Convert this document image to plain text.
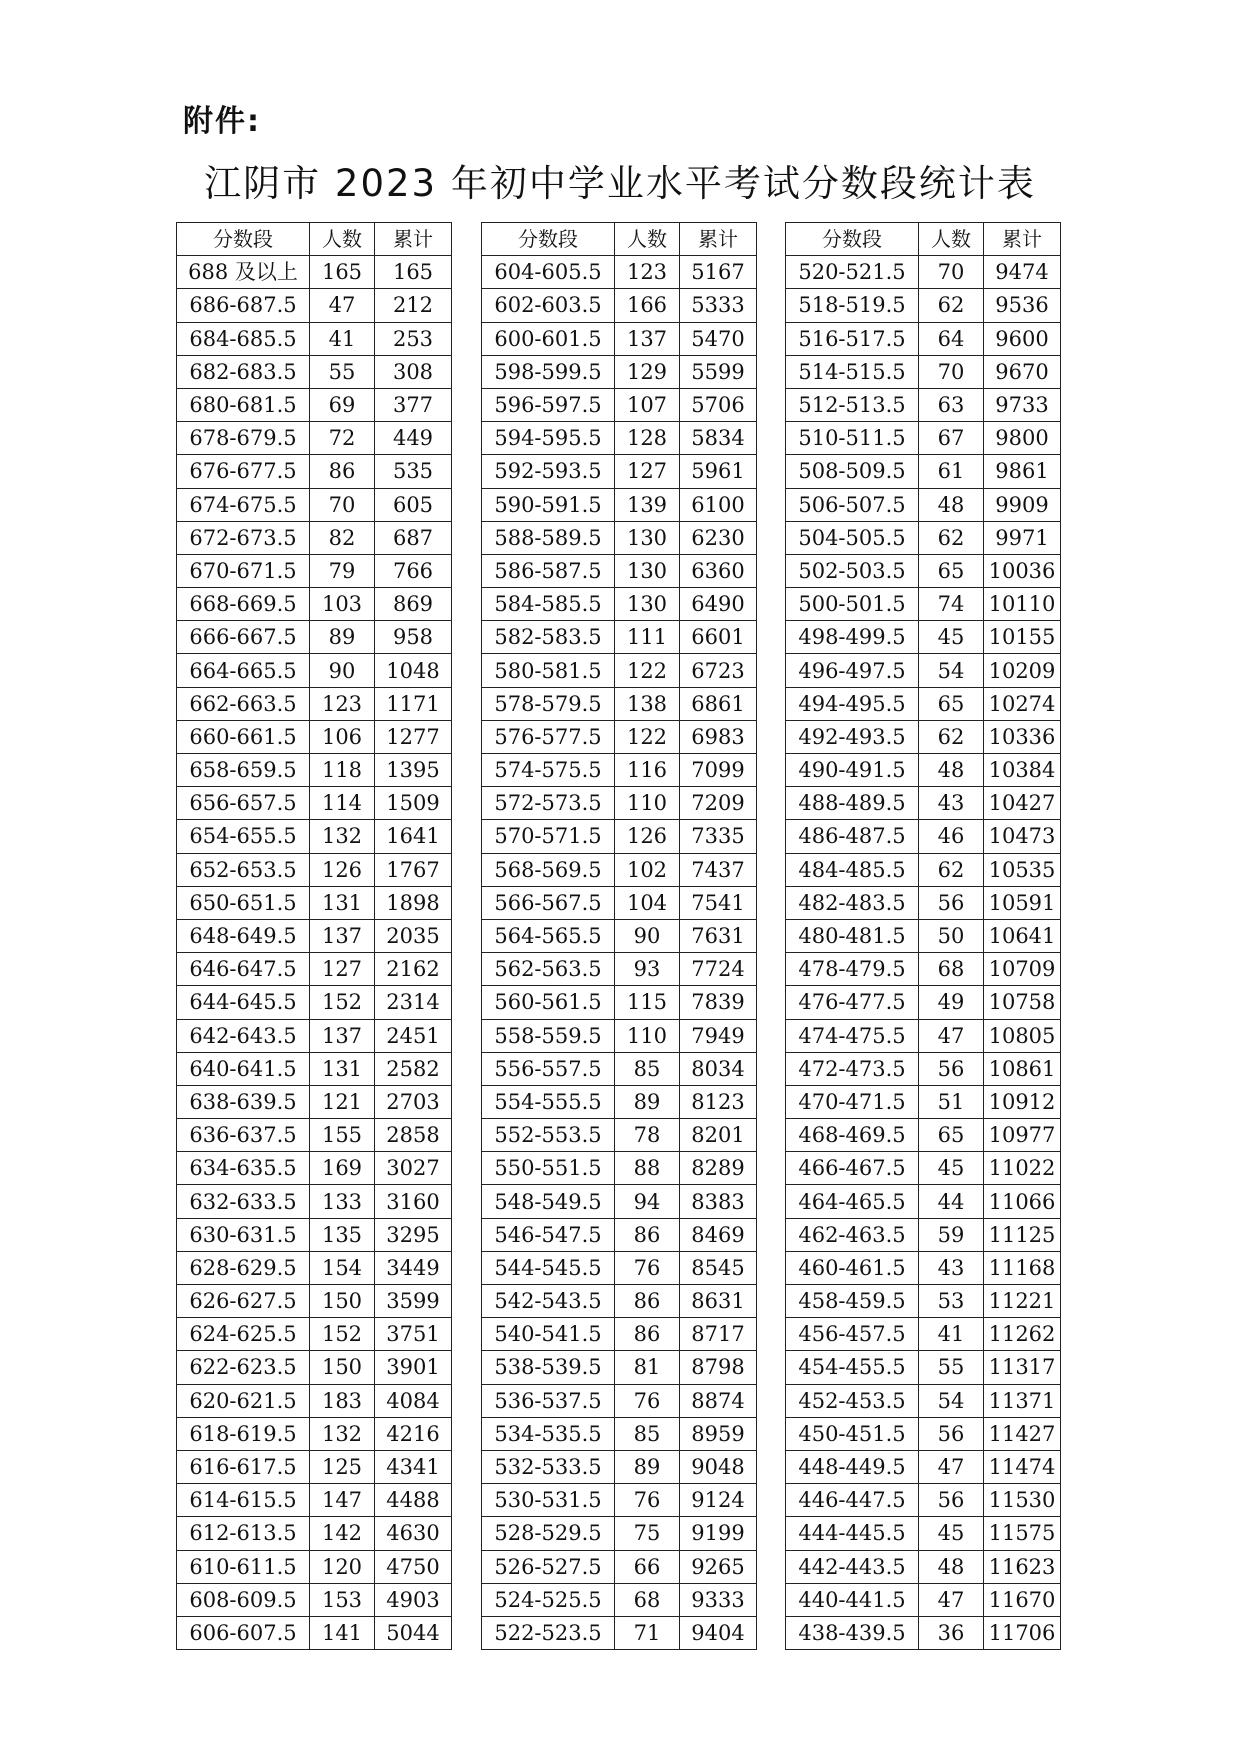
附件:
江阴市 2023 年初中学业水平考试分数段统计表
分数段	人数	累计
688 及以上	165	165
686-687.5	47	212
684-685.5	41	253
682-683.5	55	308
680-681.5	69	377
678-679.5	72	449
676-677.5	86	535
674-675.5	70	605
672-673.5	82	687
670-671.5	79	766
668-669.5	103	869
666-667.5	89	958
664-665.5	90	1048
662-663.5	123	1171
660-661.5	106	1277
658-659.5	118	1395
656-657.5	114	1509
654-655.5	132	1641
652-653.5	126	1767
650-651.5	131	1898
648-649.5	137	2035
646-647.5	127	2162
644-645.5	152	2314
642-643.5	137	2451
640-641.5	131	2582
638-639.5	121	2703
636-637.5	155	2858
634-635.5	169	3027
632-633.5	133	3160
630-631.5	135	3295
628-629.5	154	3449
626-627.5	150	3599
624-625.5	152	3751
622-623.5	150	3901
620-621.5	183	4084
618-619.5	132	4216
616-617.5	125	4341
614-615.5	147	4488
612-613.5	142	4630
610-611.5	120	4750
608-609.5	153	4903
606-607.5	141	5044
分数段	人数	累计
604-605.5	123	5167
602-603.5	166	5333
600-601.5	137	5470
598-599.5	129	5599
596-597.5	107	5706
594-595.5	128	5834
592-593.5	127	5961
590-591.5	139	6100
588-589.5	130	6230
586-587.5	130	6360
584-585.5	130	6490
582-583.5	111	6601
580-581.5	122	6723
578-579.5	138	6861
576-577.5	122	6983
574-575.5	116	7099
572-573.5	110	7209
570-571.5	126	7335
568-569.5	102	7437
566-567.5	104	7541
564-565.5	90	7631
562-563.5	93	7724
560-561.5	115	7839
558-559.5	110	7949
556-557.5	85	8034
554-555.5	89	8123
552-553.5	78	8201
550-551.5	88	8289
548-549.5	94	8383
546-547.5	86	8469
544-545.5	76	8545
542-543.5	86	8631
540-541.5	86	8717
538-539.5	81	8798
536-537.5	76	8874
534-535.5	85	8959
532-533.5	89	9048
530-531.5	76	9124
528-529.5	75	9199
526-527.5	66	9265
524-525.5	68	9333
522-523.5	71	9404
分数段	人数	累计
520-521.5	70	9474
518-519.5	62	9536
516-517.5	64	9600
514-515.5	70	9670
512-513.5	63	9733
510-511.5	67	9800
508-509.5	61	9861
506-507.5	48	9909
504-505.5	62	9971
502-503.5	65	10036
500-501.5	74	10110
498-499.5	45	10155
496-497.5	54	10209
494-495.5	65	10274
492-493.5	62	10336
490-491.5	48	10384
488-489.5	43	10427
486-487.5	46	10473
484-485.5	62	10535
482-483.5	56	10591
480-481.5	50	10641
478-479.5	68	10709
476-477.5	49	10758
474-475.5	47	10805
472-473.5	56	10861
470-471.5	51	10912
468-469.5	65	10977
466-467.5	45	11022
464-465.5	44	11066
462-463.5	59	11125
460-461.5	43	11168
458-459.5	53	11221
456-457.5	41	11262
454-455.5	55	11317
452-453.5	54	11371
450-451.5	56	11427
448-449.5	47	11474
446-447.5	56	11530
444-445.5	45	11575
442-443.5	48	11623
440-441.5	47	11670
438-439.5	36	11706
